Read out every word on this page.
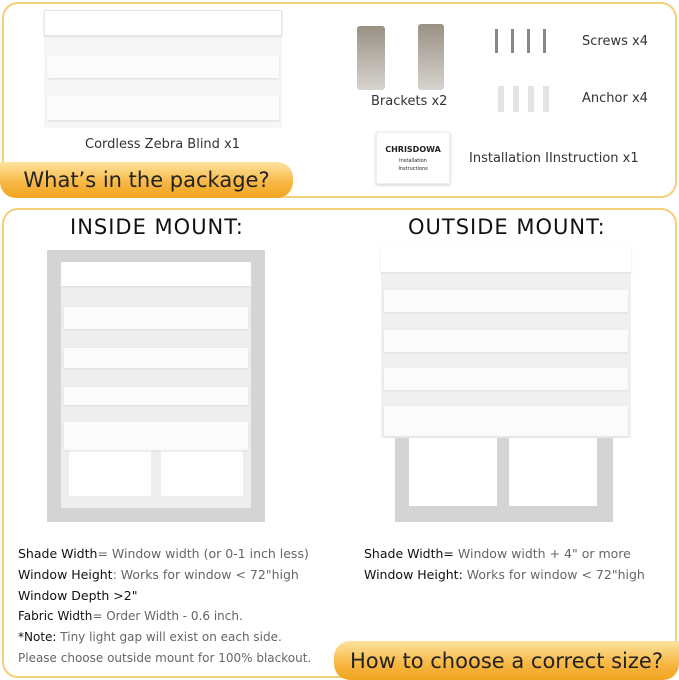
Cordless Zebra Blind x1
Brackets x2
Screws x4
Anchor x4
CHRISDOWA
Installation
Instructions
Installation IInstruction x1
What’s in the package?
INSIDE MOUNT:	OUTSIDE MOUNT:
Shade Width= Window width (or 0-1 inch less)
Window Height: Works for window < 72"high
Window Depth >2"
Fabric Width= Order Width - 0.6 inch.
*Note: Tiny light gap will exist on each side.
Please choose outside mount for 100% blackout.
Shade Width= Window width + 4" or more
Window Height: Works for window < 72"high
How to choose a correct size?
